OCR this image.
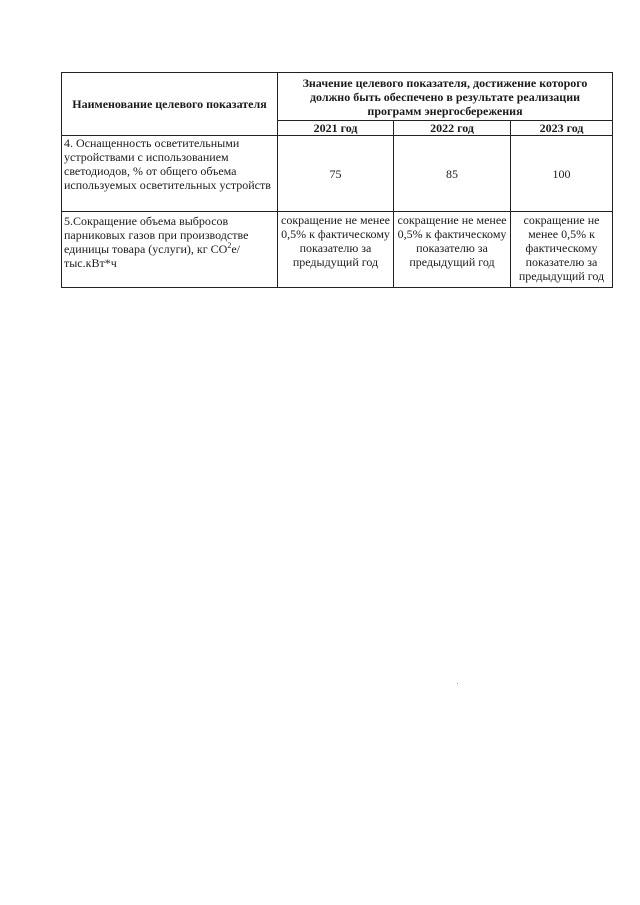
Наименование целевого показателя	Значение целевого показателя, достижение которого должно быть обеспечено в результате реализации программ энергосбережения		
	2021 год	2022 год	2023 год
4. Оснащенность осветительными устройствами с использованием светодиодов, % от общего объема используемых осветительных устройств	75	85	100
5.Сокращение объема выбросов парниковых газов при производстве единицы товара (услуги), кг $CO^2е/тыс.кВт*ч$	сокращение не менее 0,5% к фактическому показателю за предыдущий год	сокращение не менее 0,5% к фактическому показателю за предыдущий год	сокращение не менее 0,5% к фактическому показателю за предыдущий год
